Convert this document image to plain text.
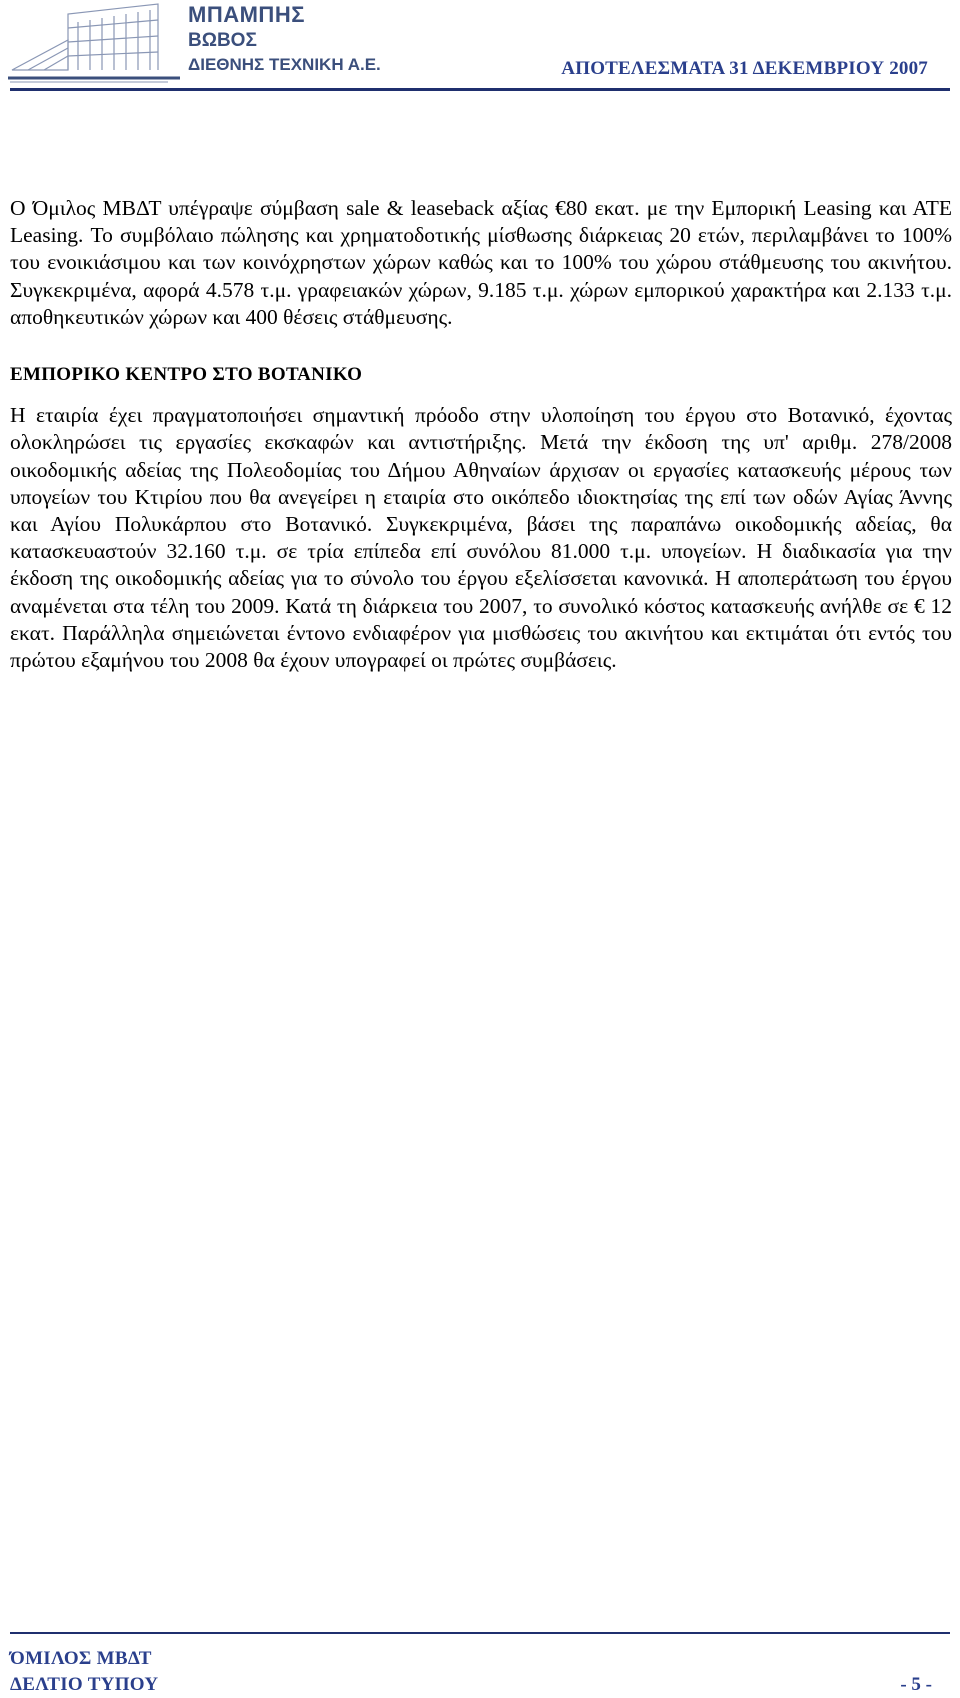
ΜΠΑΜΠΗΣ
ΒΩΒΟΣ
ΔΙΕΘΝΗΣ ΤΕΧΝΙΚΗ Α.Ε.	ΑΠΟΤΕΛΕΣΜΑΤΑ 31 ΔΕΚΕΜΒΡΙΟΥ 2007

Ο Όμιλος ΜΒΔΤ υπέγραψε σύμβαση sale & leaseback αξίας €80 εκατ. με την Εμπορική Leasing και ΑΤΕ Leasing. Το συμβόλαιο πώλησης και χρηματοδοτικής μίσθωσης διάρκειας 20 ετών, περιλαμβάνει το 100% του ενοικιάσιμου και των κοινόχρηστων χώρων καθώς και το 100% του χώρου στάθμευσης του ακινήτου. Συγκεκριμένα, αφορά 4.578 τ.μ. γραφειακών χώρων, 9.185 τ.μ. χώρων εμπορικού χαρακτήρα και 2.133 τ.μ. αποθηκευτικών χώρων και 400 θέσεις στάθμευσης.

ΕΜΠΟΡΙΚΟ ΚΕΝΤΡΟ ΣΤΟ ΒΟΤΑΝΙΚΟ

Η εταιρία έχει πραγματοποιήσει σημαντική πρόοδο στην υλοποίηση του έργου στο Βοτανικό, έχοντας ολοκληρώσει τις εργασίες εκσκαφών και αντιστήριξης. Μετά την έκδοση της υπ' αριθμ. 278/2008 οικοδομικής αδείας της Πολεοδομίας του Δήμου Αθηναίων άρχισαν οι εργασίες κατασκευής μέρους των υπογείων του Κτιρίου που θα ανεγείρει η εταιρία στο οικόπεδο ιδιοκτησίας της επί των οδών Αγίας Άννης και Αγίου Πολυκάρπου στο Βοτανικό. Συγκεκριμένα, βάσει της παραπάνω οικοδομικής αδείας, θα κατασκευαστούν 32.160 τ.μ. σε τρία επίπεδα επί συνόλου 81.000 τ.μ. υπογείων. Η διαδικασία για την έκδοση της οικοδομικής αδείας για το σύνολο του έργου εξελίσσεται κανονικά. Η αποπεράτωση του έργου αναμένεται στα τέλη του 2009. Κατά τη διάρκεια του 2007, το συνολικό κόστος κατασκευής ανήλθε σε € 12 εκατ. Παράλληλα σημειώνεται έντονο ενδιαφέρον για μισθώσεις του ακινήτου και εκτιμάται ότι εντός του πρώτου εξαμήνου του 2008 θα έχουν υπογραφεί οι πρώτες συμβάσεις.

ΌΜΙΛΟΣ ΜΒΔΤ
ΔΕΛΤΙΟ ΤΥΠΟΥ	- 5 -
